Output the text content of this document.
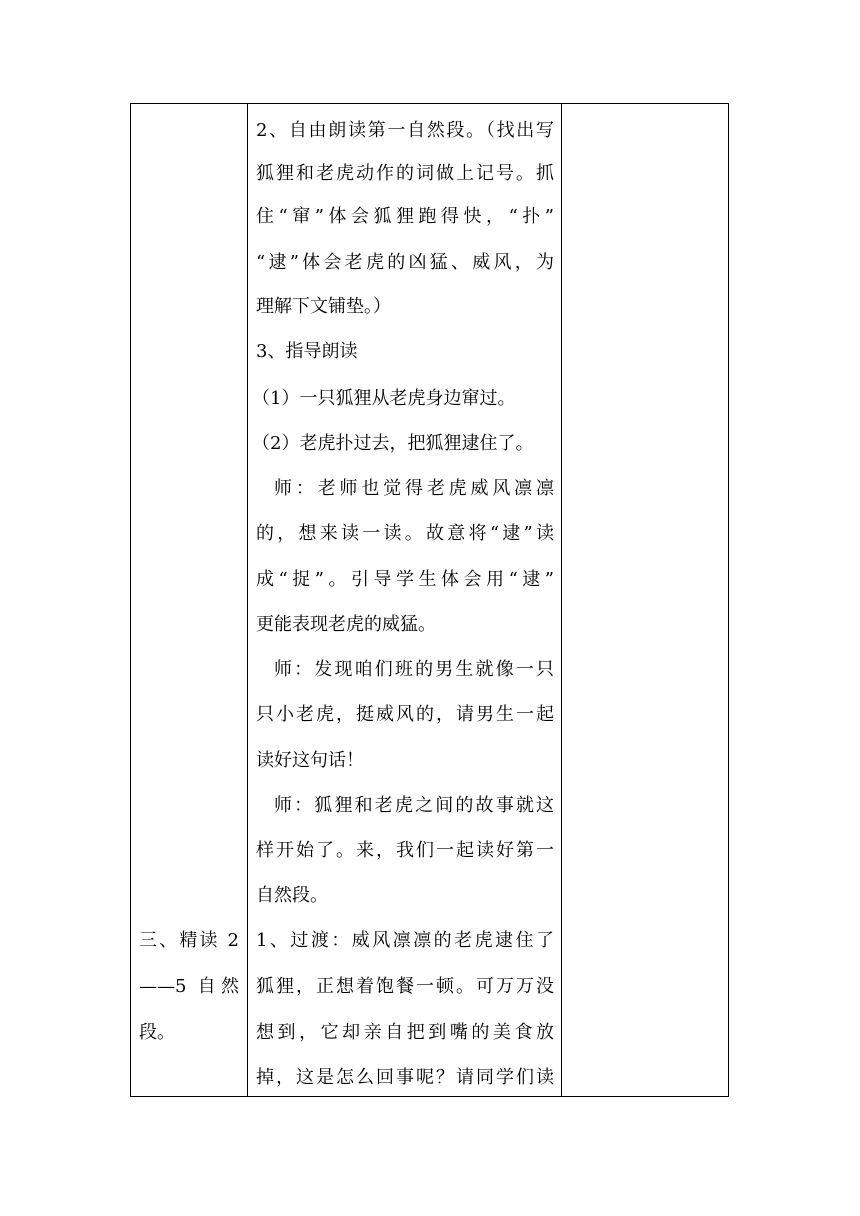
三、精读 2
——5 自然
段。

2、自由朗读第一自然段。（找出写
狐狸和老虎动作的词做上记号。抓
住“窜”体会狐狸跑得快，“扑”
“逮”体会老虎的凶猛、威风，为
理解下文铺垫。）
3、指导朗读
（1）一只狐狸从老虎身边窜过。
（2）老虎扑过去，把狐狸逮住了。
师：老师也觉得老虎威风凛凛
的，想来读一读。故意将“逮”读
成“捉”。引导学生体会用“逮”
更能表现老虎的威猛。
师：发现咱们班的男生就像一只
只小老虎，挺威风的，请男生一起
读好这句话！
师：狐狸和老虎之间的故事就这
样开始了。来，我们一起读好第一
自然段。
1、过渡：威风凛凛的老虎逮住了
狐狸，正想着饱餐一顿。可万万没
想到，它却亲自把到嘴的美食放
掉，这是怎么回事呢？请同学们读
